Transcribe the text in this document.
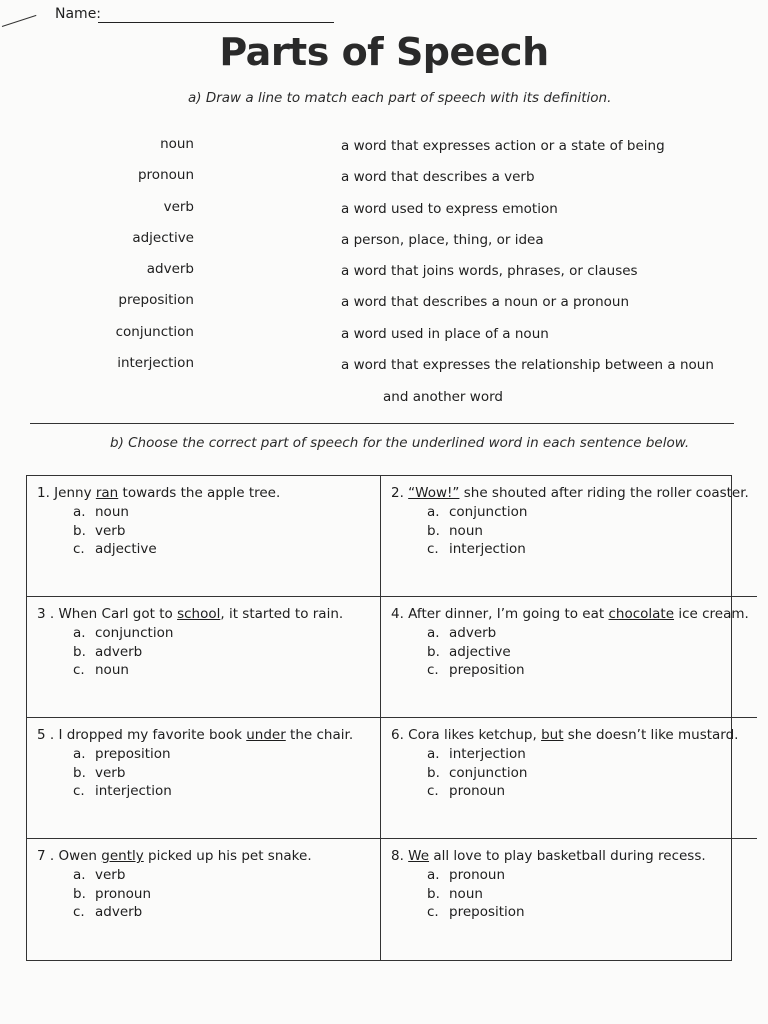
Name:
Parts of Speech
a) Draw a line to match each part of speech with its definition.
noun
pronoun
verb
adjective
adverb
preposition
conjunction
interjection
a word that expresses action or a state of being
a word that describes a verb
a word used to express emotion
a person, place, thing, or idea
a word that joins words, phrases, or clauses
a word that describes a noun or a pronoun
a word used in place of a noun
a word that expresses the relationship between a noun
and another word
b) Choose the correct part of speech for the underlined word in each sentence below.
1. Jenny ran towards the apple tree.
a. noun
b. verb
c. adjective
2. “Wow!” she shouted after riding the roller coaster.
a. conjunction
b. noun
c. interjection
3 . When Carl got to school, it started to rain.
a. conjunction
b. adverb
c. noun
4. After dinner, I’m going to eat chocolate ice cream.
a. adverb
b. adjective
c. preposition
5 . I dropped my favorite book under the chair.
a. preposition
b. verb
c. interjection
6. Cora likes ketchup, but she doesn’t like mustard.
a. interjection
b. conjunction
c. pronoun
7 . Owen gently picked up his pet snake.
a. verb
b. pronoun
c. adverb
8. We all love to play basketball during recess.
a. pronoun
b. noun
c. preposition
